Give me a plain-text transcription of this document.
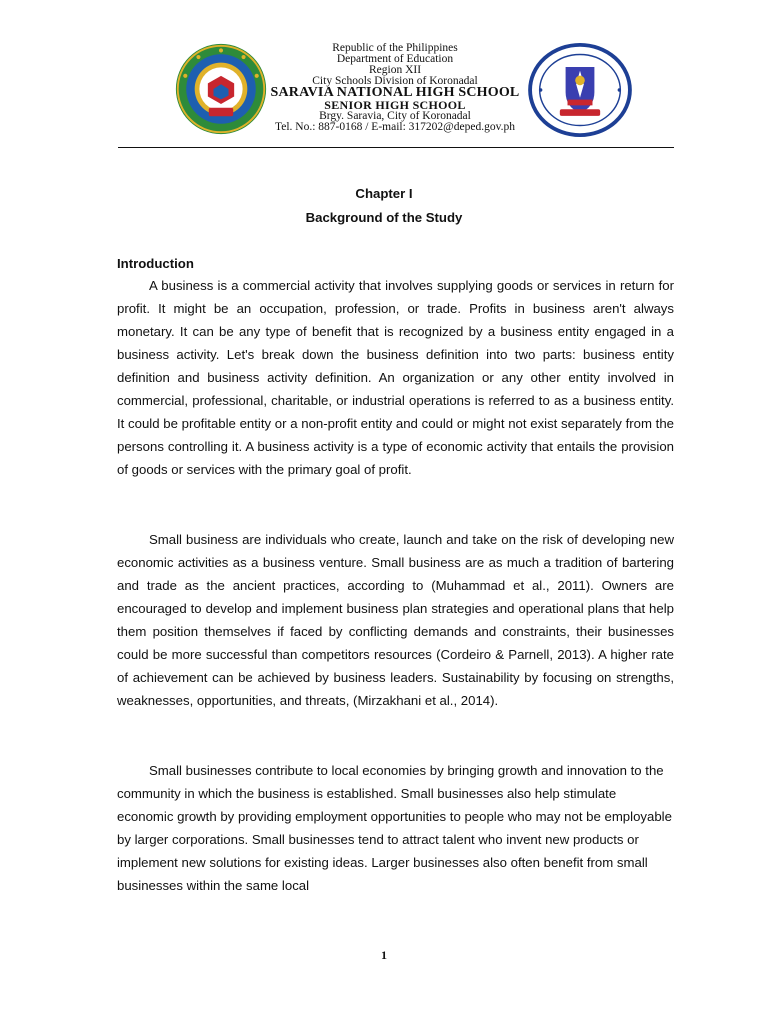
Republic of the Philippines
Department of Education
Region XII
City Schools Division of Koronadal
SARAVIA NATIONAL HIGH SCHOOL
SENIOR HIGH SCHOOL
Brgy. Saravia, City of Koronadal
Tel. No.: 887-0168 / E-mail: 317202@deped.gov.ph
Chapter I
Background of the Study
Introduction

A business is a commercial activity that involves supplying goods or services in return for profit. It might be an occupation, profession, or trade. Profits in business aren't always monetary. It can be any type of benefit that is recognized by a business entity engaged in a business activity. Let's break down the business definition into two parts: business entity definition and business activity definition. An organization or any other entity involved in commercial, professional, charitable, or industrial operations is referred to as a business entity. It could be profitable entity or a non-profit entity and could or might not exist separately from the persons controlling it. A business activity is a type of economic activity that entails the provision of goods or services with the primary goal of profit.

Small business are individuals who create, launch and take on the risk of developing new economic activities as a business venture. Small business are as much a tradition of bartering and trade as the ancient practices, according to (Muhammad et al., 2011). Owners are encouraged to develop and implement business plan strategies and operational plans that help them position themselves if faced by conflicting demands and constraints, their businesses could be more successful than competitors resources (Cordeiro & Parnell, 2013). A higher rate of achievement can be achieved by business leaders. Sustainability by focusing on strengths, weaknesses, opportunities, and threats, (Mirzakhani et al., 2014).

Small businesses contribute to local economies by bringing growth and innovation to the community in which the business is established. Small businesses also help stimulate economic growth by providing employment opportunities to people who may not be employable by larger corporations. Small businesses tend to attract talent who invent new products or implement new solutions for existing ideas. Larger businesses also often benefit from small businesses within the same local

1
